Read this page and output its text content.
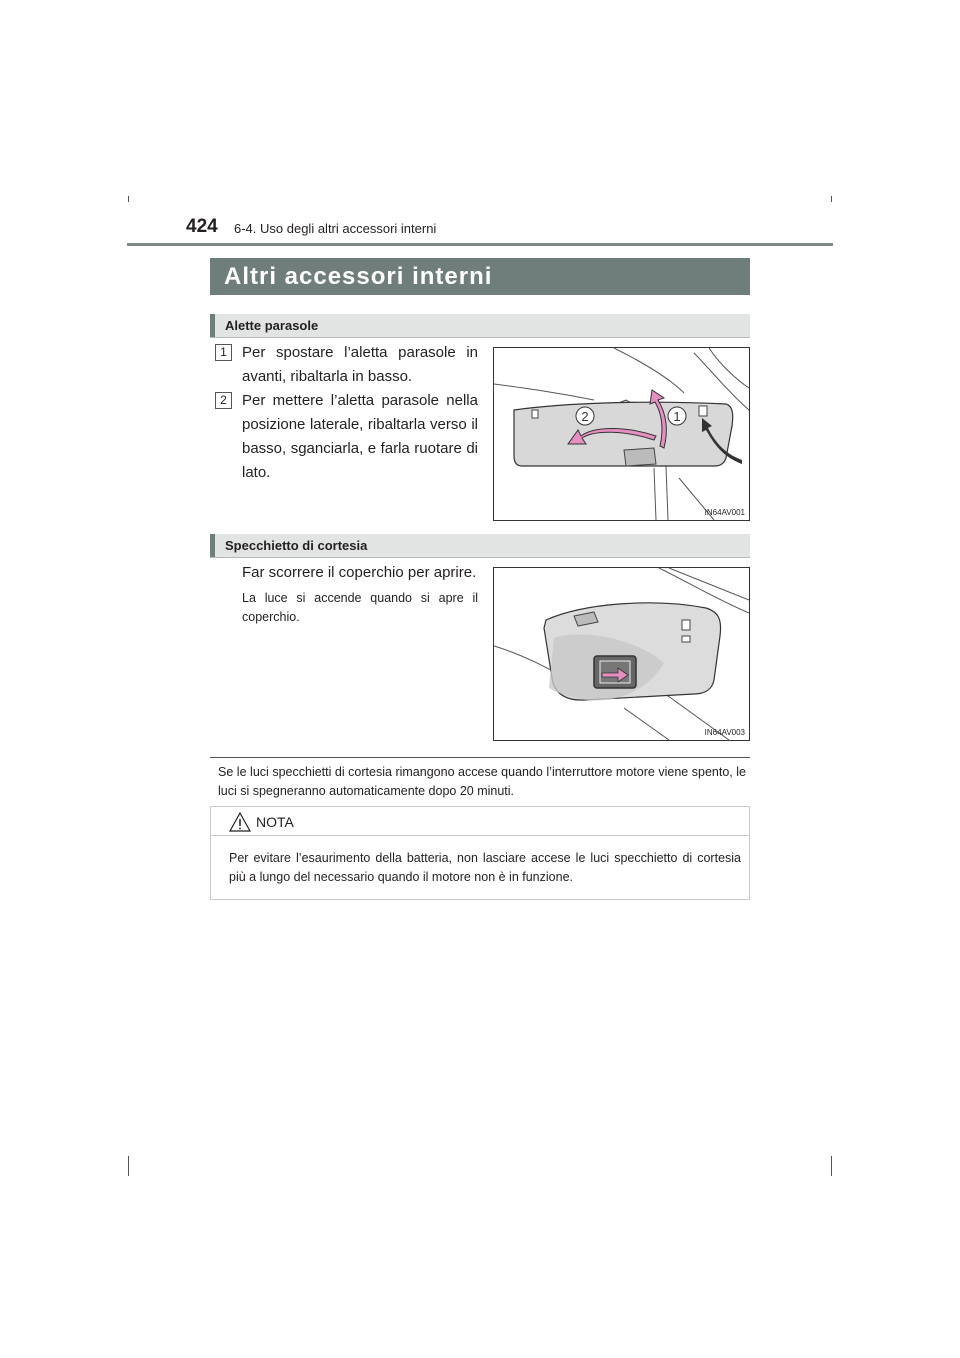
424 6-4. Uso degli altri accessori interni
Altri accessori interni
Alette parasole
1	Per spostare l’aletta parasole in avanti, ribaltarla in basso.
2	Per mettere l’aletta parasole nella posizione laterale, ribaltarla verso il basso, sganciarla, e farla ruotare di lato.
2	1
IN64AV001
Specchietto di cortesia
Far scorrere il coperchio per aprire.
La luce si accende quando si apre il coperchio.
IN64AV003
Se le luci specchietti di cortesia rimangono accese quando l’interruttore motore viene spento, le luci si spegneranno automaticamente dopo 20 minuti.
NOTA
Per evitare l’esaurimento della batteria, non lasciare accese le luci specchietto di cortesia più a lungo del necessario quando il motore non è in funzione.
